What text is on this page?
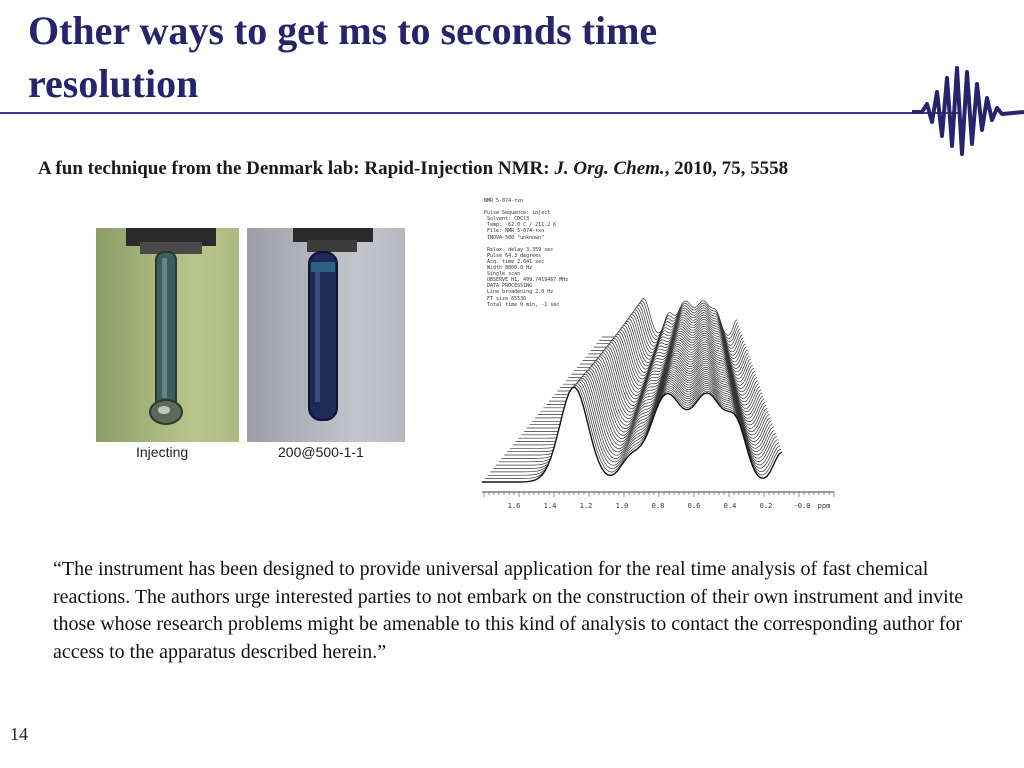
Other ways to get ms to seconds time resolution
A fun technique from the Denmark lab: Rapid-Injection NMR: J. Org. Chem., 2010, 75, 5558
Injecting	200@500-1-1
1.6	1.4	1.2	1.0	0.8	0.6	0.4	0.2	-0.0 ppm
NMR 5-074-rxn

Pulse Sequence: inject
Solvent: CDCl3
Temp. -62.0 C / 211.2 K
File: NMR_5-074-rxn
INOVA-500 "unknown"

Relax. delay 3.359 sec
Pulse 64.3 degrees
Acq. time 2.641 sec
Width 8000.0 Hz
Single scan
OBSERVE H1, 499.7419467 MHz
DATA PROCESSING
Line broadening 2.0 Hz
FT size 65536
Total time 0 min, -1 sec

“The instrument has been designed to provide universal application for the real time analysis of fast chemical reactions. The authors urge interested parties to not embark on the construction of their own instrument and invite those whose research problems might be amenable to this kind of analysis to contact the corresponding author for access to the apparatus described herein.”

14
